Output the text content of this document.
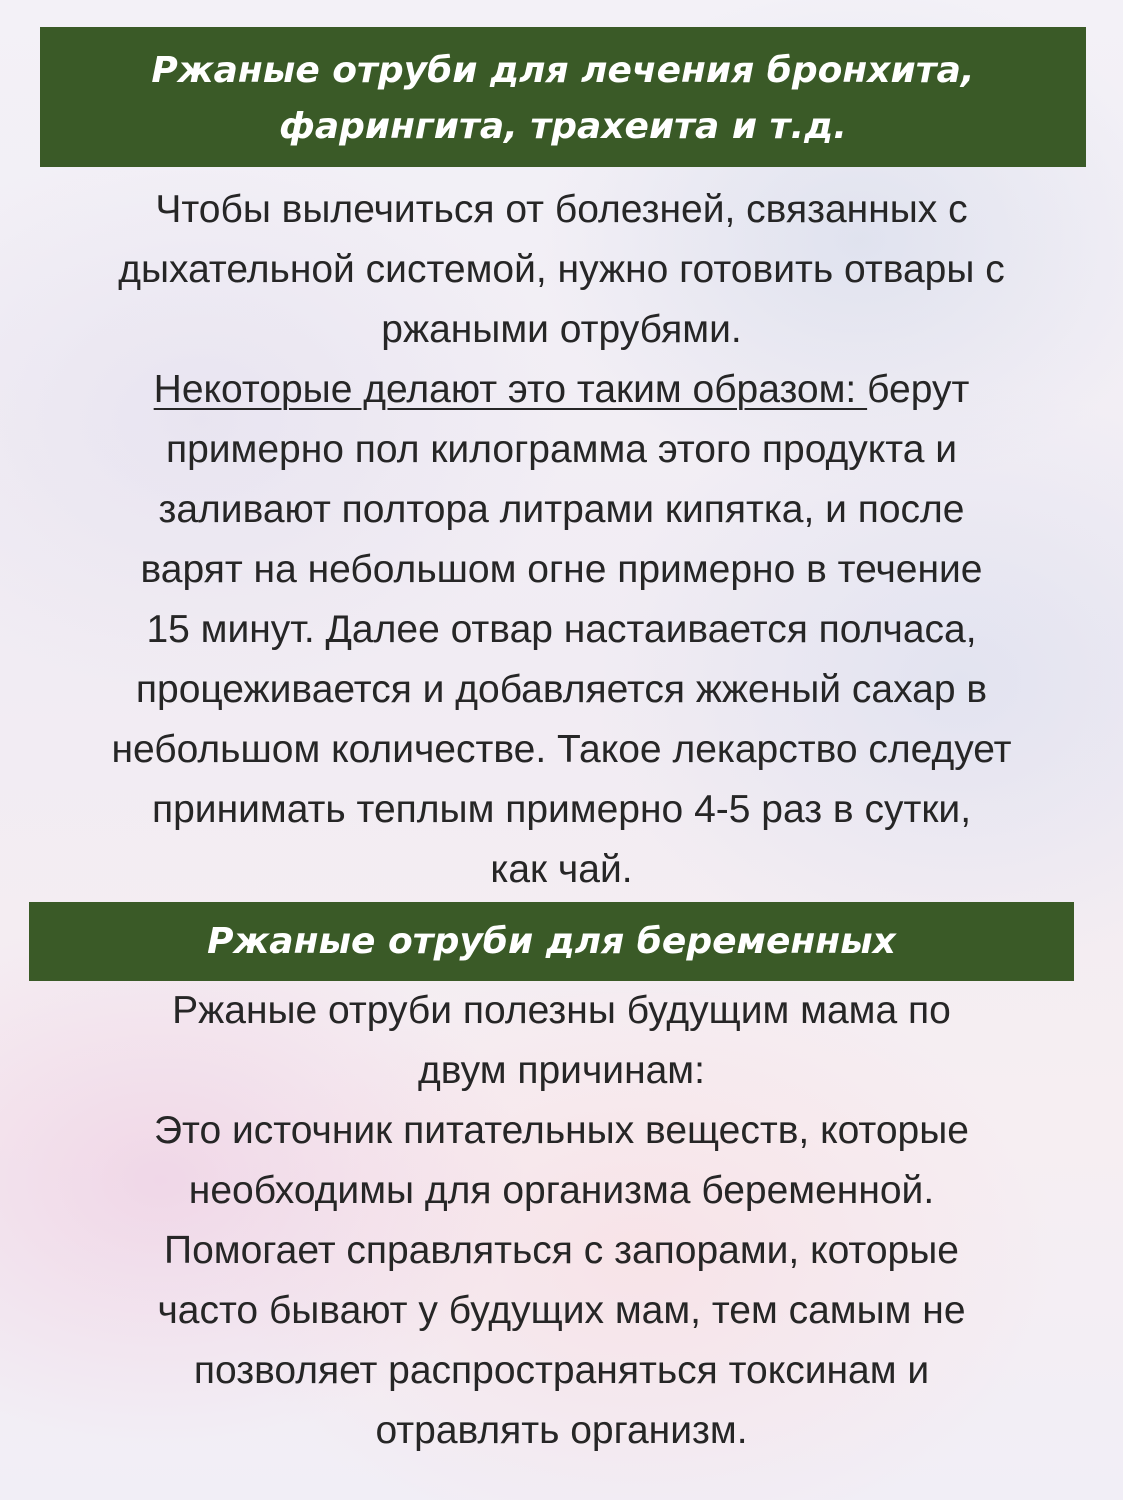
Ржаные отруби для лечения бронхита,
фарингита, трахеита и т.д.
Чтобы вылечиться от болезней, связанных с
дыхательной системой, нужно готовить отвары с
ржаными отрубями.
Некоторые делают это таким образом: берут
примерно пол килограмма этого продукта и
заливают полтора литрами кипятка, и после
варят на небольшом огне примерно в течение
15 минут. Далее отвар настаивается полчаса,
процеживается и добавляется жженый сахар в
небольшом количестве. Такое лекарство следует
принимать теплым примерно 4-5 раз в сутки,
как чай.
Ржаные отруби для беременных
Ржаные отруби полезны будущим мама по
двум причинам:
Это источник питательных веществ, которые
необходимы для организма беременной.
Помогает справляться с запорами, которые
часто бывают у будущих мам, тем самым не
позволяет распространяться токсинам и
отравлять организм.
